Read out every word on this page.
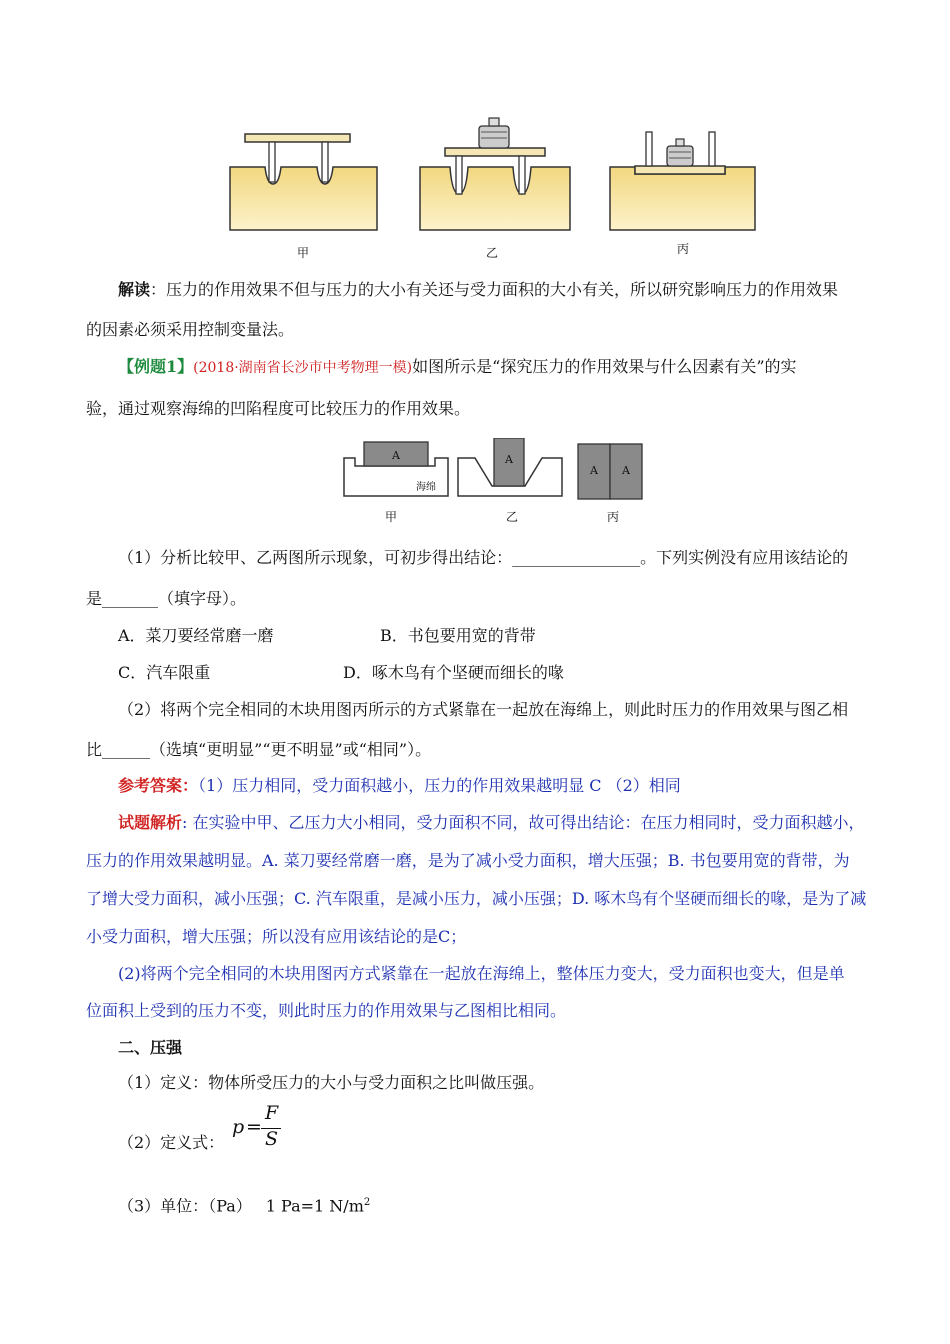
甲	乙	丙
解读：压力的作用效果不但与压力的大小有关还与受力面积的大小有关，所以研究影响压力的作用效果
的因素必须采用控制变量法。
【例题1】(2018·湖南省长沙市中考物理一模)如图所示是“探究压力的作用效果与什么因素有关”的实
验，通过观察海绵的凹陷程度可比较压力的作用效果。
A
海绵
A
A A
甲	乙	丙
（1）分析比较甲、乙两图所示现象，可初步得出结论：________________。下列实例没有应用该结论的
是_______（填字母）。
A．菜刀要经常磨一磨	B．书包要用宽的背带
C．汽车限重	D．啄木鸟有个坚硬而细长的喙
（2）将两个完全相同的木块用图丙所示的方式紧靠在一起放在海绵上，则此时压力的作用效果与图乙相
比______（选填“更明显”“更不明显”或“相同”）。
参考答案：（1）压力相同，受力面积越小，压力的作用效果越明显 C （2）相同
试题解析: 在实验中甲、乙压力大小相同，受力面积不同，故可得出结论：在压力相同时，受力面积越小，
压力的作用效果越明显。A. 菜刀要经常磨一磨，是为了减小受力面积，增大压强；B. 书包要用宽的背带，为
了增大受力面积，减小压强；C. 汽车限重，是减小压力，减小压强；D. 啄木鸟有个坚硬而细长的喙，是为了减
小受力面积，增大压强；所以没有应用该结论的是C；
(2)将两个完全相同的木块用图丙方式紧靠在一起放在海绵上，整体压力变大，受力面积也变大，但是单
位面积上受到的压力不变，则此时压力的作用效果与乙图相比相同。
二、压强
（1）定义：物体所受压力的大小与受力面积之比叫做压强。
（2）定义式：
p =
F
S
（3）单位：（Pa） 1 Pa=1 $N/m^2$
